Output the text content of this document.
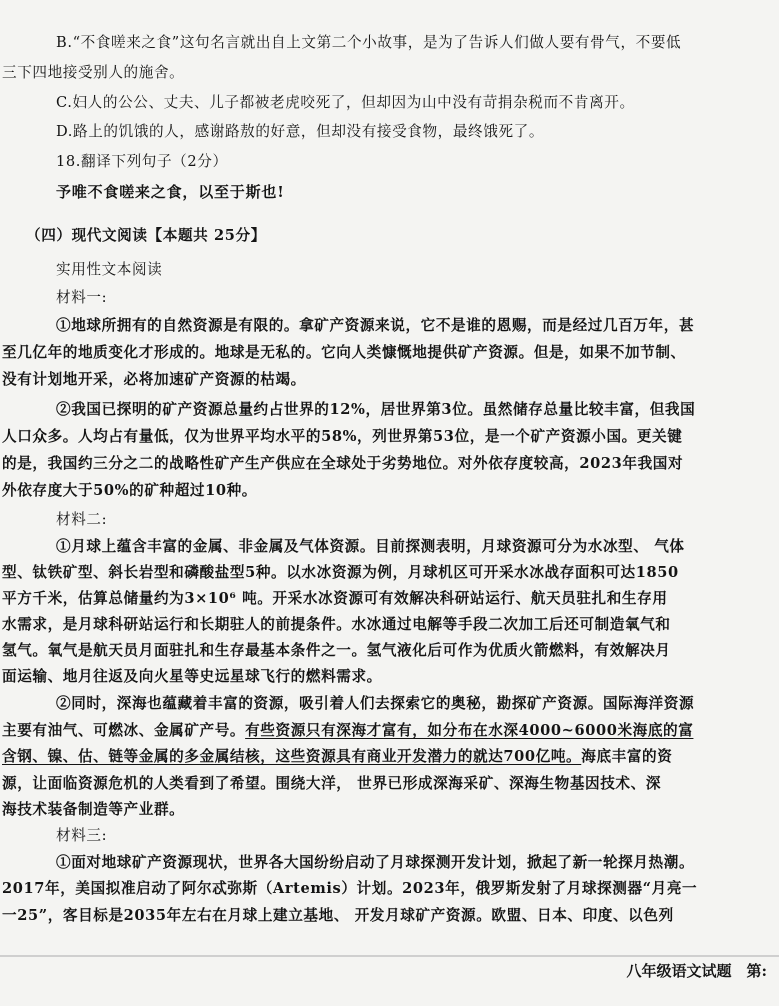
B.“不食嗟来之食”这句名言就出自上文第二个小故事，是为了告诉人们做人要有骨气，不要低
三下四地接受别人的施舍。
C.妇人的公公、丈夫、儿子都被老虎咬死了，但却因为山中没有苛捐杂税而不肯离开。
D.路上的饥饿的人，感谢路敖的好意，但却没有接受食物，最终饿死了。
18.翻译下列句子（2分）
予唯不食嗟来之食，以至于斯也!
（四）现代文阅读【本题共 25分】
实用性文本阅读
材料一:
①地球所拥有的自然资源是有限的。拿矿产资源来说，它不是谁的恩赐，而是经过几百万年，甚
至几亿年的地质变化才形成的。地球是无私的。它向人类慷慨地提供矿产资源。但是，如果不加节制、
没有计划地开采，必将加速矿产资源的枯竭。
②我国已探明的矿产资源总量约占世界的12%，居世界第3位。虽然储存总量比较丰富，但我国
人口众多。人均占有量低，仅为世界平均水平的58%，列世界第53位，是一个矿产资源小国。更关键
的是，我国约三分之二的战略性矿产生产供应在全球处于劣势地位。对外依存度较高，2023年我国对
外依存度大于50%的矿种超过10种。
材料二:
①月球上蕴含丰富的金属、非金属及气体资源。目前探测表明，月球资源可分为水冰型、 气体
型、钛铁矿型、斜长岩型和磷酸盐型5种。以水冰资源为例，月球机区可开采水冰战存面积可达1850
平方千米，估算总储量约为3×10⁶ 吨。开采水冰资源可有效解决科研站运行、航天员驻扎和生存用
水需求，是月球科研站运行和长期驻人的前提条件。水冰通过电解等手段二次加工后还可制造氧气和
氢气。氧气是航天员月面驻扎和生存最基本条件之一。氢气液化后可作为优质火箭燃料，有效解决月
面运输、地月往返及向火星等史远星球飞行的燃料需求。
②同时，深海也蕴藏着丰富的资源，吸引着人们去探索它的奥秘，勘探矿产资源。国际海洋资源
主要有油气、可燃冰、金属矿产号。有些资源只有深海才富有，如分布在水深4000~6000米海底的富
含钢、镍、估、链等金属的多金属结核，这些资源具有商业开发潜力的就达700亿吨。海底丰富的资
源，让面临资源危机的人类看到了希望。围绕大洋， 世界已形成深海采矿、深海生物基因技术、深
海技术装备制造等产业群。
材料三:
①面对地球矿产资源现状，世界各大国纷纷启动了月球探测开发计划，掀起了新一轮探月热潮。
2017年，美国拟准启动了阿尔忒弥斯（Artemis）计划。2023年，俄罗斯发射了月球探测器“月亮一
一25”，客目标是2035年左右在月球上建立基地、 开发月球矿产资源。欧盟、日本、印度、以色列
八年级语文试题　第:
